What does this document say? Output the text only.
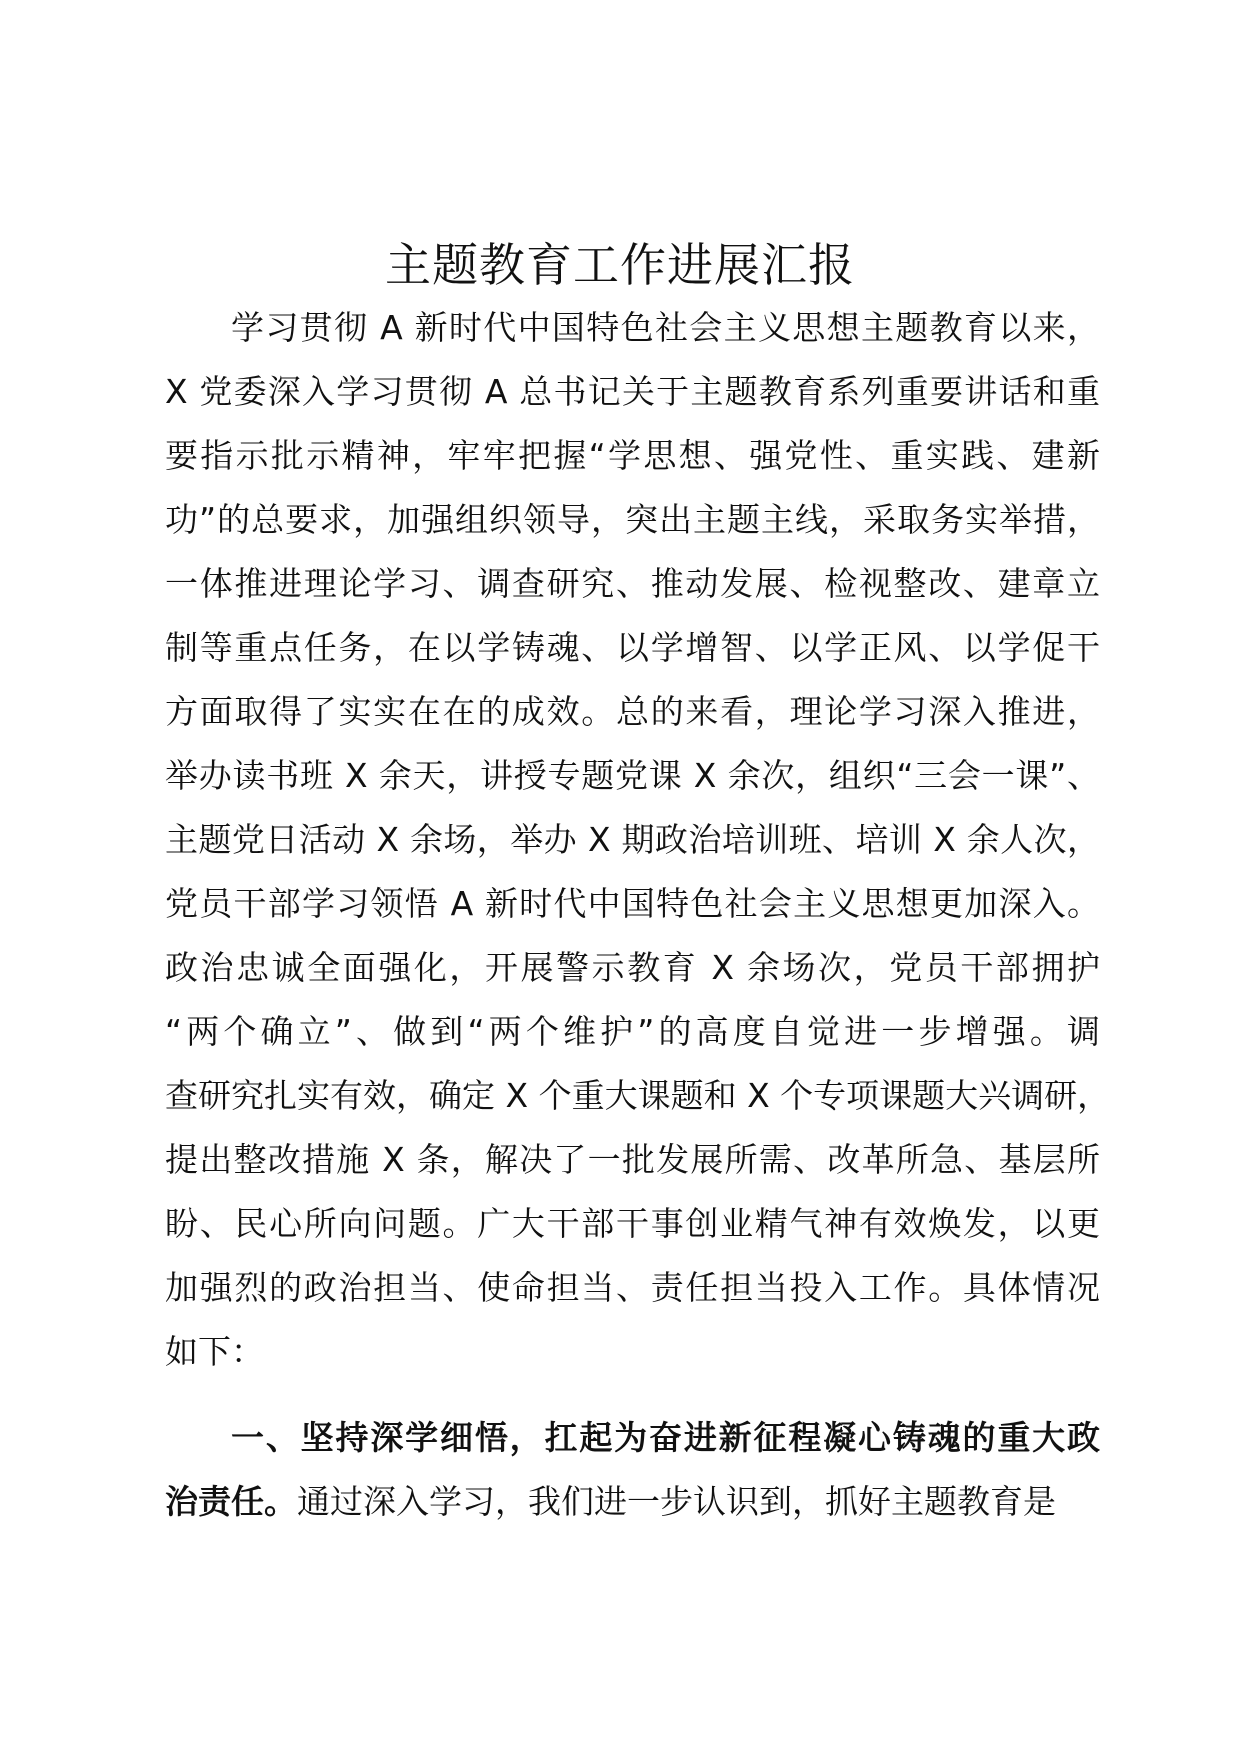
主题教育工作进展汇报
学习贯彻 A 新时代中国特色社会主义思想主题教育以来，
X 党委深入学习贯彻 A 总书记关于主题教育系列重要讲话和重
要指示批示精神，牢牢把握“学思想、强党性、重实践、建新
功”的总要求，加强组织领导，突出主题主线，采取务实举措，
一体推进理论学习、调查研究、推动发展、检视整改、建章立
制等重点任务，在以学铸魂、以学增智、以学正风、以学促干
方面取得了实实在在的成效。总的来看，理论学习深入推进，
举办读书班 X 余天，讲授专题党课 X 余次，组织“三会一课”、
主题党日活动 X 余场，举办 X 期政治培训班、培训 X 余人次，
党员干部学习领悟 A 新时代中国特色社会主义思想更加深入。
政治忠诚全面强化，开展警示教育 X 余场次，党员干部拥护
“两个确立”、做到“两个维护”的高度自觉进一步增强。调
查研究扎实有效，确定 X 个重大课题和 X 个专项课题大兴调研，
提出整改措施 X 条，解决了一批发展所需、改革所急、基层所
盼、民心所向问题。广大干部干事创业精气神有效焕发，以更
加强烈的政治担当、使命担当、责任担当投入工作。具体情况
如下：
一、坚持深学细悟，扛起为奋进新征程凝心铸魂的重大政
治责任。通过深入学习，我们进一步认识到，抓好主题教育是
